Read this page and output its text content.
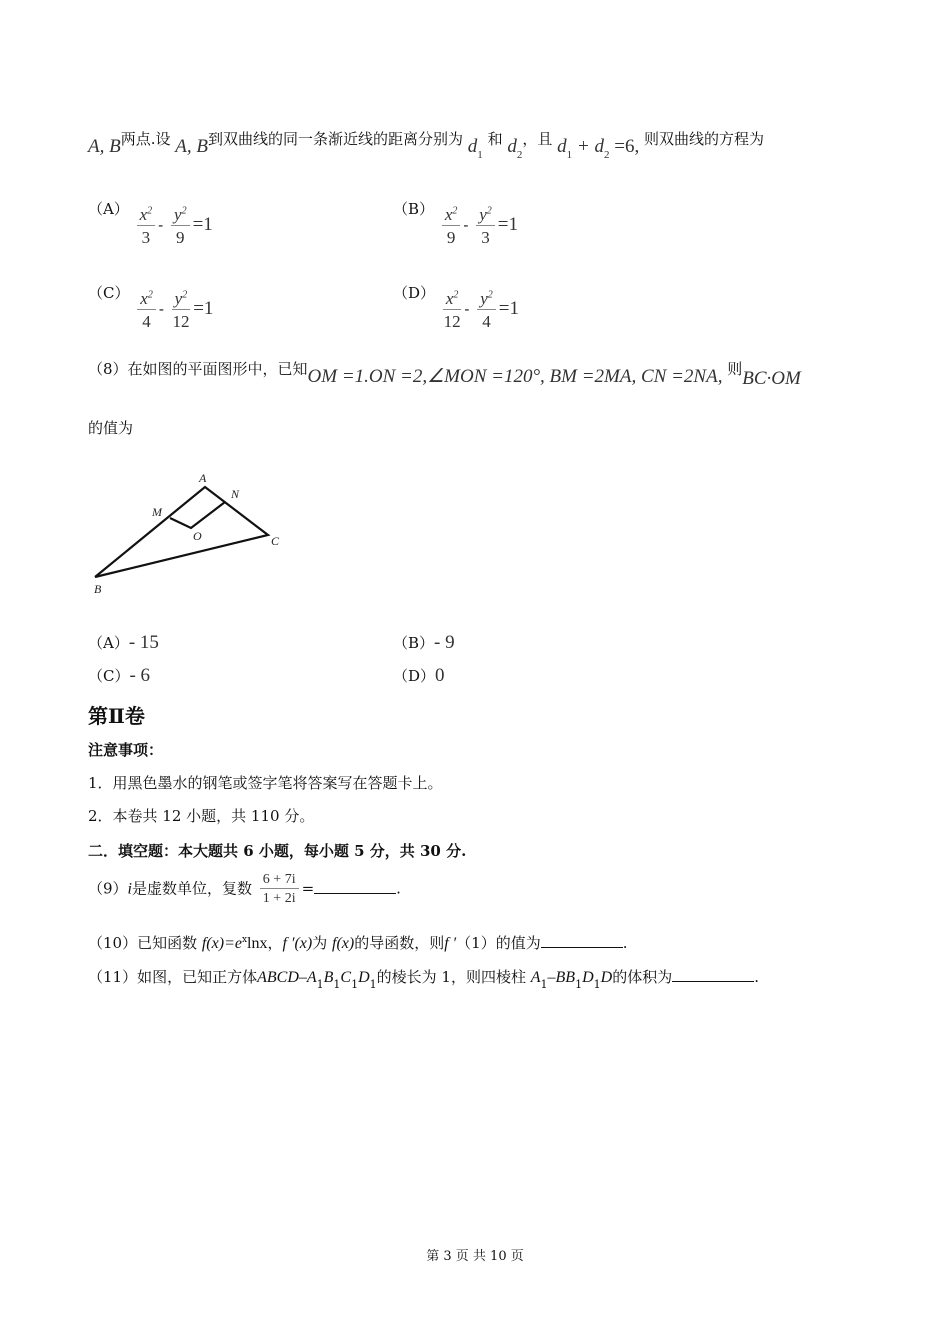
A, B两点.设 A, B到双曲线的同一条渐近线的距离分别为 $d_1$ 和 $d_2$，且 $d_1 + d_2 =6$, 则双曲线的方程为
$(A) \frac{x^2}{3} - \frac{y^2}{9} =1$
$(B) \frac{x^2}{9} - \frac{y^2}{3} =1$
$(C) \frac{x^2}{4} - \frac{y^2}{12} =1$
$(D) \frac{x^2}{12} - \frac{y^2}{4} =1$
（8）在如图的平面图形中，已知OM =1.ON =2,∠MON =120°, BM =2MA, CN =2NA, 则BC·OM
的值为
A
N
M
O	C
B
（A）- 15	（B）- 9
（C）- 6	（D）0
第Ⅱ卷
注意事项：
1．用黑色墨水的钢笔或签字笔将答案写在答题卡上。
2．本卷共 12 小题，共 110 分。
二．填空题：本大题共 6 小题，每小题 5 分，共 30 分.
（9）i是虚数单位，复数 $\frac{6 + 7i}{1 + 2i}$ =	.
（10）已知函数 $f(x)=e^x\ln x$，f ′(x)为 f(x)的导函数，则f ′（1）的值为	.
（11）如图，已知正方体ABCD–$A_1B_1C_1D_1$的棱长为 1，则四棱柱 $A_1-BB_1D_1D$的体积为	.
第 3 页 共 10 页
